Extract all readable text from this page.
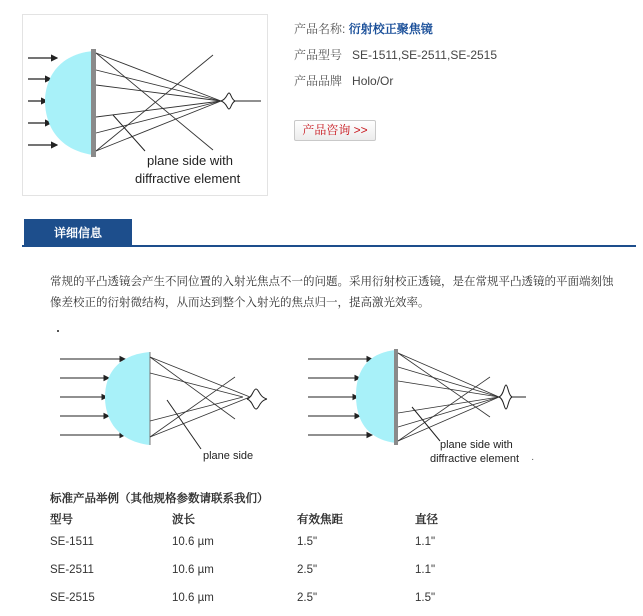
plane side with
diffractive element
产品名称: 衍射校正聚焦镜
产品型号 SE-1511,SE-2511,SE-2515
产品品牌 Holo/Or
产品咨询 >>
详细信息
常规的平凸透镜会产生不同位置的入射光焦点不一的问题。采用衍射校正透镜，是在常规平凸透镜的平面端刻蚀像差校正的衍射微结构，从而达到整个入射光的焦点归一，提高激光效率。
plane side
plane side with
diffractive element ·
标准产品举例（其他规格参数请联系我们）
型号	波长	有效焦距	直径
SE-1511	10.6 µm	1.5"	1.1"
SE-2511	10.6 µm	2.5"	1.1"
SE-2515	10.6 µm	2.5"	1.5"
